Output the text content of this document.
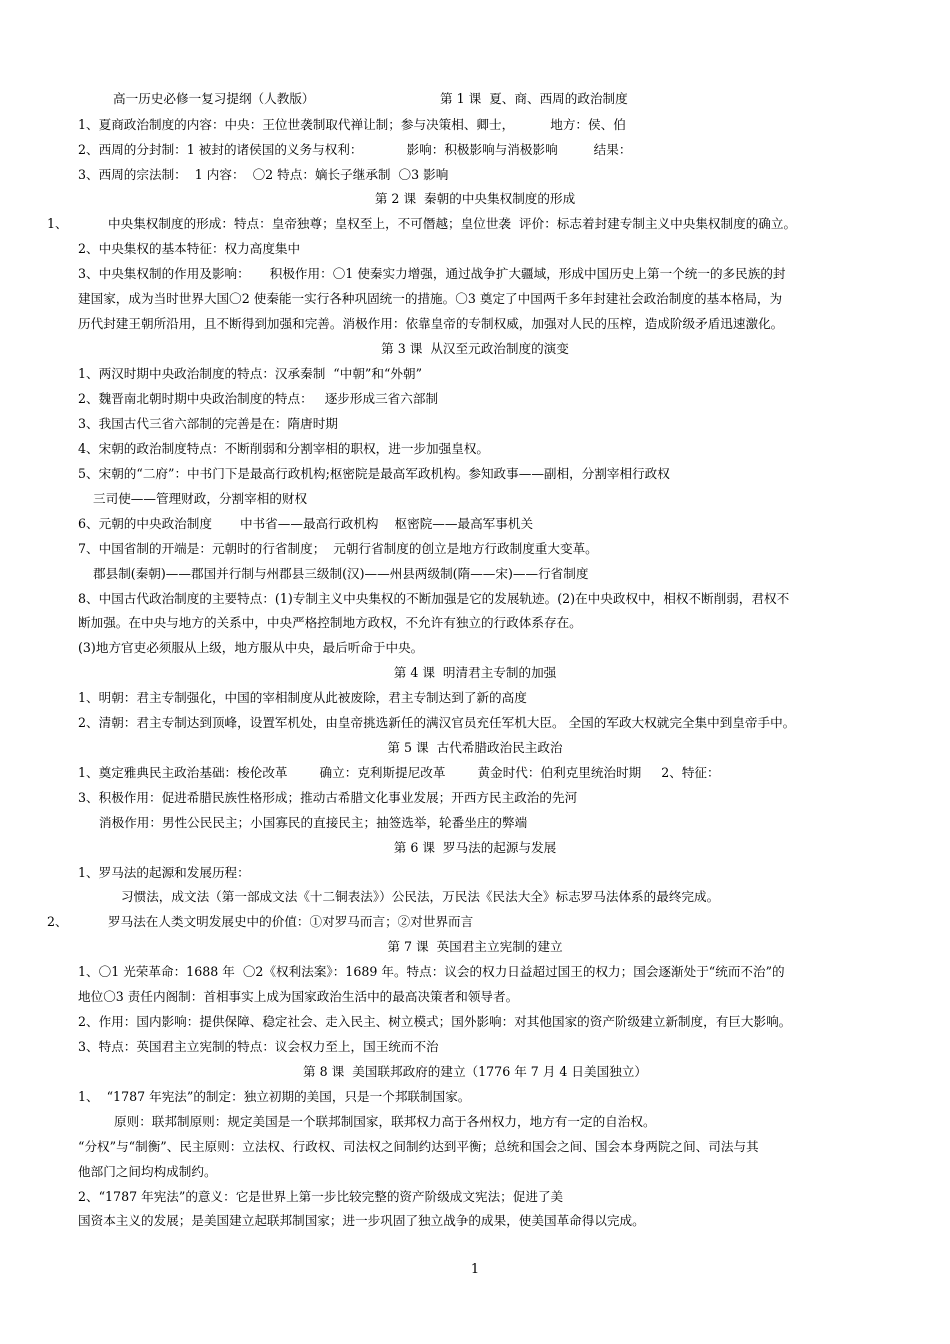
高一历史必修一复习提纲（人教版）	第 1 课  夏、商、西周的政治制度
1、夏商政治制度的内容：中央：王位世袭制取代禅让制；参与决策相、卿士，         地方：侯、伯
2、西周的分封制：1 被封的诸侯国的义务与权利：           影响：积极影响与消极影响         结果：
3、西周的宗法制：  1 内容：  〇2 特点：嫡长子继承制  〇3 影响
第 2 课  秦朝的中央集权制度的形成
1、	中央集权制度的形成：特点：皇帝独尊；皇权至上，不可僭越；皇位世袭  评价：标志着封建专制主义中央集权制度的确立。
2、中央集权的基本特征：权力高度集中
3、中央集权制的作用及影响：     积极作用：〇1 使秦实力增强，通过战争扩大疆域，形成中国历史上第一个统一的多民族的封
建国家，成为当时世界大国〇2 使秦能一实行各种巩固统一的措施。〇3 奠定了中国两千多年封建社会政治制度的基本格局，为
历代封建王朝所沿用，且不断得到加强和完善。消极作用：依靠皇帝的专制权威，加强对人民的压榨，造成阶级矛盾迅速激化。
第 3 课  从汉至元政治制度的演变
1、两汉时期中央政治制度的特点：汉承秦制  “中朝”和“外朝”
2、魏晋南北朝时期中央政治制度的特点：   逐步形成三省六部制
3、我国古代三省六部制的完善是在：隋唐时期
4、宋朝的政治制度特点：不断削弱和分割宰相的职权，进一步加强皇权。
5、宋朝的“二府”：中书门下是最高行政机构;枢密院是最高军政机构。参知政事——副相，分割宰相行政权
三司使——管理财政，分割宰相的财权
6、元朝的中央政治制度       中书省——最高行政机构    枢密院——最高军事机关
7、中国省制的开端是：元朝时的行省制度；  元朝行省制度的创立是地方行政制度重大变革。
郡县制(秦朝)——郡国并行制与州郡县三级制(汉)——州县两级制(隋——宋)——行省制度
8、中国古代政治制度的主要特点：(1)专制主义中央集权的不断加强是它的发展轨迹。(2)在中央政权中，相权不断削弱，君权不
断加强。在中央与地方的关系中，中央严格控制地方政权，不允许有独立的行政体系存在。
(3)地方官吏必须服从上级，地方服从中央，最后听命于中央。
第 4 课  明清君主专制的加强
1、明朝：君主专制强化，中国的宰相制度从此被废除，君主专制达到了新的高度
2、清朝：君主专制达到顶峰，设置军机处，由皇帝挑选新任的满汉官员充任军机大臣。 全国的军政大权就完全集中到皇帝手中。
第 5 课  古代希腊政治民主政治
1、奠定雅典民主政治基础：梭伦改革        确立：克利斯提尼改革        黄金时代：伯利克里统治时期     2、特征：
3、积极作用：促进希腊民族性格形成；推动古希腊文化事业发展；开西方民主政治的先河
消极作用：男性公民民主；小国寡民的直接民主；抽签选举，轮番坐庄的弊端
第 6 课  罗马法的起源与发展
1、罗马法的起源和发展历程：
习惯法，成文法（第一部成文法《十二铜表法》）公民法，万民法《民法大全》标志罗马法体系的最终完成。
2、	罗马法在人类文明发展史中的价值：①对罗马而言；②对世界而言
第 7 课  英国君主立宪制的建立
1、〇1 光荣革命：1688 年  〇2《权利法案》：1689 年。特点：议会的权力日益超过国王的权力；国会逐渐处于“统而不治”的
地位〇3 责任内阁制：首相事实上成为国家政治生活中的最高决策者和领导者。
2、作用：国内影响：提供保障、稳定社会、走入民主、树立模式；国外影响：对其他国家的资产阶级建立新制度，有巨大影响。
3、特点：英国君主立宪制的特点：议会权力至上，国王统而不治
第 8 课  美国联邦政府的建立（1776 年 7 月 4 日美国独立）
1、  “1787 年宪法”的制定：独立初期的美国，只是一个邦联制国家。
原则：联邦制原则：规定美国是一个联邦制国家，联邦权力高于各州权力，地方有一定的自治权。
“分权”与“制衡”、民主原则：立法权、行政权、司法权之间制约达到平衡；总统和国会之间、国会本身两院之间、司法与其
他部门之间均构成制约。
2、“1787 年宪法”的意义：它是世界上第一步比较完整的资产阶级成文宪法；促进了美
国资本主义的发展；是美国建立起联邦制国家；进一步巩固了独立战争的成果，使美国革命得以完成。
1
